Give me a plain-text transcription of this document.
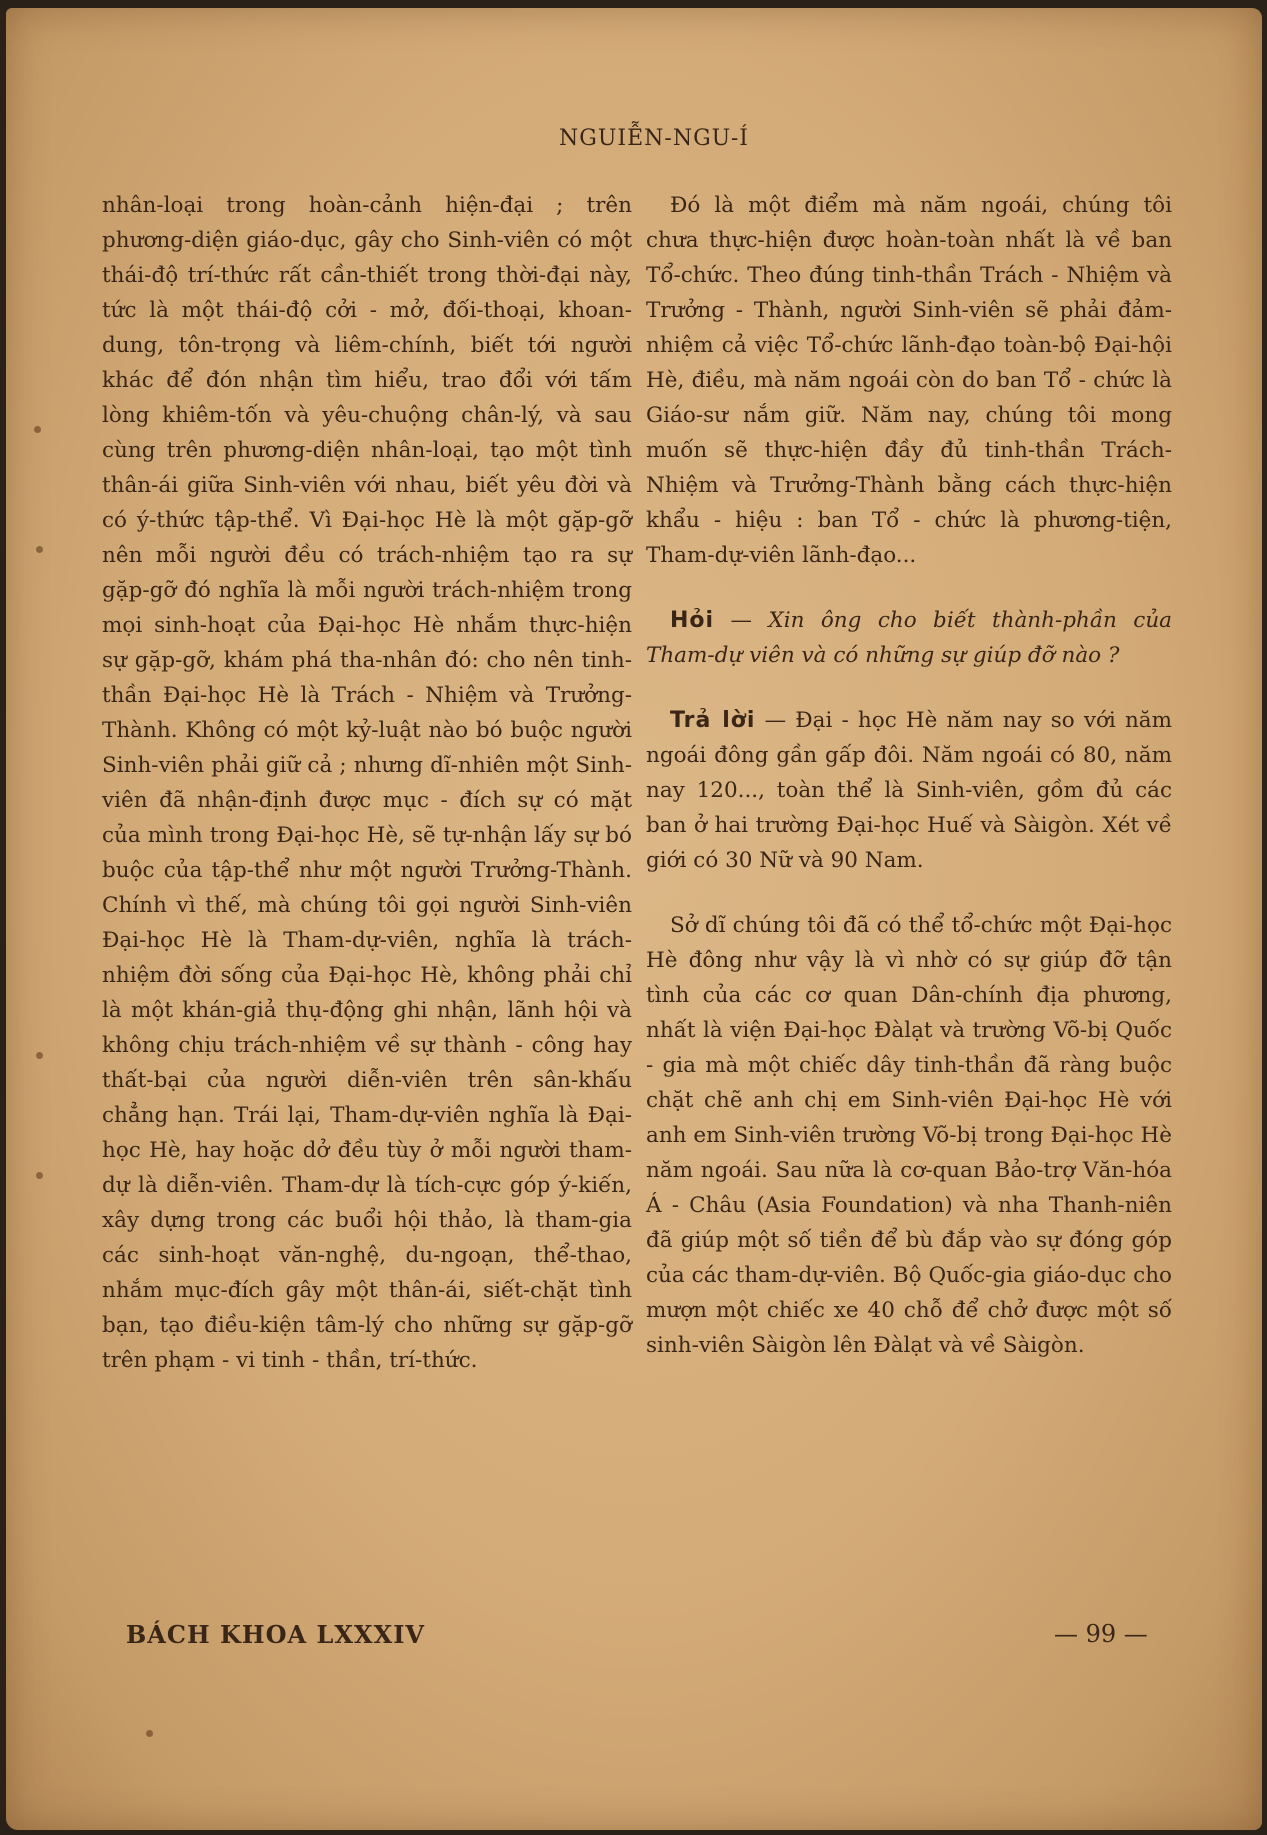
NGUIỄN-NGU-Í

nhân-loại trong hoàn-cảnh hiện-đại ; trên phương-diện giáo-dục, gây cho Sinh-viên có một thái-độ trí-thức rất cần-thiết trong thời-đại này, tức là một thái-độ cởi - mở, đối-thoại, khoan-dung, tôn-trọng và liêm-chính, biết tới người khác để đón nhận tìm hiểu, trao đổi với tấm lòng khiêm-tốn và yêu-chuộng chân-lý, và sau cùng trên phương-diện nhân-loại, tạo một tình thân-ái giữa Sinh-viên với nhau, biết yêu đời và có ý-thức tập-thể. Vì Đại-học Hè là một gặp-gỡ nên mỗi người đều có trách-nhiệm tạo ra sự gặp-gỡ đó nghĩa là mỗi người trách-nhiệm trong mọi sinh-hoạt của Đại-học Hè nhắm thực-hiện sự gặp-gỡ, khám phá tha-nhân đó: cho nên tinh-thần Đại-học Hè là Trách - Nhiệm và Trưởng-Thành. Không có một kỷ-luật nào bó buộc người Sinh-viên phải giữ cả ; nhưng dĩ-nhiên một Sinh-viên đã nhận-định được mục - đích sự có mặt của mình trong Đại-học Hè, sẽ tự-nhận lấy sự bó buộc của tập-thể như một người Trưởng-Thành. Chính vì thế, mà chúng tôi gọi người Sinh-viên Đại-học Hè là Tham-dự-viên, nghĩa là trách-nhiệm đời sống của Đại-học Hè, không phải chỉ là một khán-giả thụ-động ghi nhận, lãnh hội và không chịu trách-nhiệm về sự thành - công hay thất-bại của người diễn-viên trên sân-khấu chẳng hạn. Trái lại, Tham-dự-viên nghĩa là Đại-học Hè, hay hoặc dở đều tùy ở mỗi người tham-dự là diễn-viên. Tham-dự là tích-cực góp ý-kiến, xây dựng trong các buổi hội thảo, là tham-gia các sinh-hoạt văn-nghệ, du-ngoạn, thể-thao, nhắm mục-đích gây một thân-ái, siết-chặt tình bạn, tạo điều-kiện tâm-lý cho những sự gặp-gỡ trên phạm - vi tinh - thần, trí-thức.

Đó là một điểm mà năm ngoái, chúng tôi chưa thực-hiện được hoàn-toàn nhất là về ban Tổ-chức. Theo đúng tinh-thần Trách - Nhiệm và Trưởng - Thành, người Sinh-viên sẽ phải đảm-nhiệm cả việc Tổ-chức lãnh-đạo toàn-bộ Đại-hội Hè, điều, mà năm ngoái còn do ban Tổ - chức là Giáo-sư nắm giữ. Năm nay, chúng tôi mong muốn sẽ thực-hiện đầy đủ tinh-thần Trách-Nhiệm và Trưởng-Thành bằng cách thực-hiện khẩu - hiệu : ban Tổ - chức là phương-tiện, Tham-dự-viên lãnh-đạo...

Hỏi — Xin ông cho biết thành-phần của Tham-dự viên và có những sự giúp đỡ nào ?

Trả lời — Đại - học Hè năm nay so với năm ngoái đông gần gấp đôi. Năm ngoái có 80, năm nay 120..., toàn thể là Sinh-viên, gồm đủ các ban ở hai trường Đại-học Huế và Sàigòn. Xét về giới có 30 Nữ và 90 Nam.

Sở dĩ chúng tôi đã có thể tổ-chức một Đại-học Hè đông như vậy là vì nhờ có sự giúp đỡ tận tình của các cơ quan Dân-chính địa phương, nhất là viện Đại-học Đàlạt và trường Võ-bị Quốc - gia mà một chiếc dây tinh-thần đã ràng buộc chặt chẽ anh chị em Sinh-viên Đại-học Hè với anh em Sinh-viên trường Võ-bị trong Đại-học Hè năm ngoái. Sau nữa là cơ-quan Bảo-trợ Văn-hóa Á - Châu (Asia Foundation) và nha Thanh-niên đã giúp một số tiền để bù đắp vào sự đóng góp của các tham-dự-viên. Bộ Quốc-gia giáo-dục cho mượn một chiếc xe 40 chỗ để chở được một số sinh-viên Sàigòn lên Đàlạt và về Sàigòn.

BÁCH KHOA LXXXIV	— 99 —
